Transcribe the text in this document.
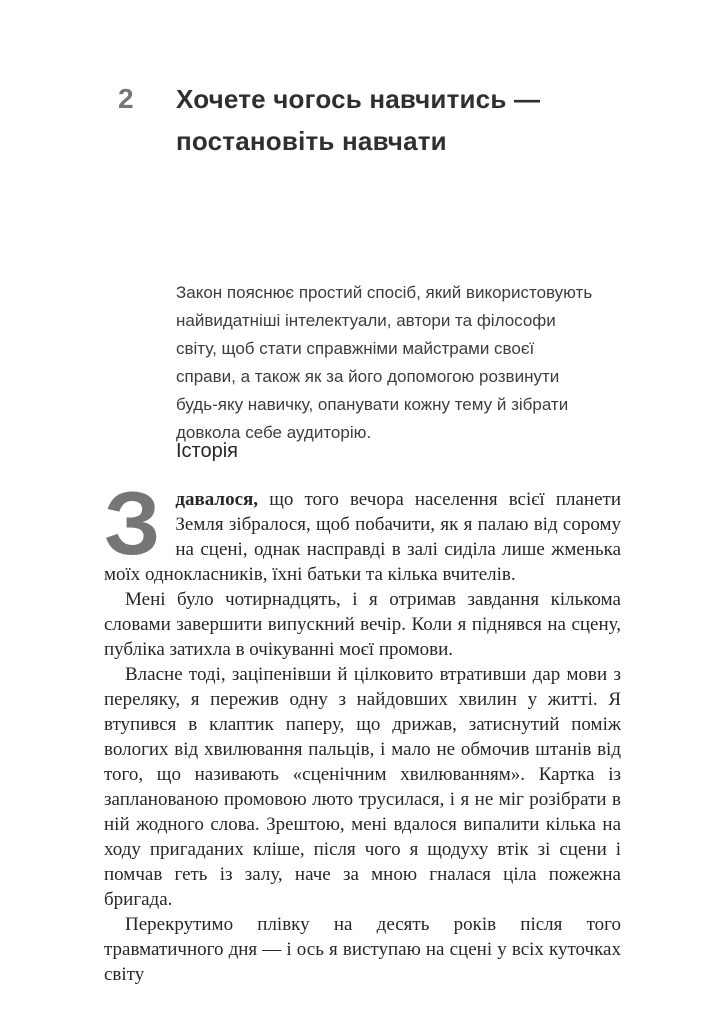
2 Хочете чогось навчитись — постановіть навчати

Закон пояснює простий спосіб, який використовують найвидатніші інтелектуали, автори та філософи світу, щоб стати справжніми майстрами своєї справи, а також як за його допомогою розвинути будь-яку навичку, опанувати кожну тему й зібрати довкола себе аудиторію.

Історія

Здавалося, що того вечора населення всієї планети Земля зібралося, щоб побачити, як я палаю від сорому на сцені, однак насправді в залі сиділа лише жменька моїх однокласників, їхні батьки та кілька вчителів.

Мені було чотирнадцять, і я отримав завдання кількома словами завершити випускний вечір. Коли я піднявся на сцену, публіка затихла в очікуванні моєї промови.

Власне тоді, заціпенівши й цілковито втративши дар мови з переляку, я пережив одну з найдовших хвилин у житті. Я втупився в клаптик паперу, що дрижав, затиснутий поміж вологих від хвилювання пальців, і мало не обмочив штанів від того, що називають «сценічним хвилюванням». Картка із запланованою промовою люто трусилася, і я не міг розібрати в ній жодного слова. Зрештою, мені вдалося випалити кілька на ходу пригаданих кліше, після чого я щодуху втік зі сцени і помчав геть із залу, наче за мною гналася ціла пожежна бригада.

Перекрутимо плівку на десять років після того травматичного дня — і ось я виступаю на сцені у всіх куточках світу
